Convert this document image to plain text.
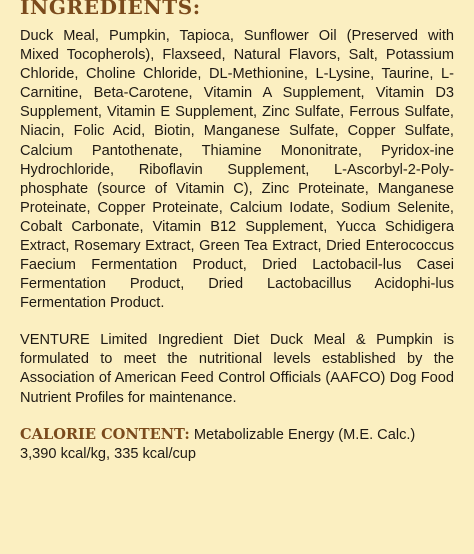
INGREDIENTS:

Duck Meal, Pumpkin, Tapioca, Sunflower Oil (Preserved with Mixed Tocopherols), Flaxseed, Natural Flavors, Salt, Potassium Chloride, Choline Chloride, DL-Methionine, L-Lysine, Taurine, L-Carnitine, Beta-Carotene, Vitamin A Supplement, Vitamin D3 Supplement, Vitamin E Supplement, Zinc Sulfate, Ferrous Sulfate, Niacin, Folic Acid, Biotin, Manganese Sulfate, Copper Sulfate, Calcium Pantothenate, Thiamine Mononitrate, Pyridox-ine Hydrochloride, Riboflavin Supplement, L-Ascorbyl-2-Poly-phosphate (source of Vitamin C), Zinc Proteinate, Manganese Proteinate, Copper Proteinate, Calcium Iodate, Sodium Selenite, Cobalt Carbonate, Vitamin B12 Supplement, Yucca Schidigera Extract, Rosemary Extract, Green Tea Extract, Dried Enterococcus Faecium Fermentation Product, Dried Lactobacil-lus Casei Fermentation Product, Dried Lactobacillus Acidophi-lus Fermentation Product.

VENTURE Limited Ingredient Diet Duck Meal & Pumpkin is formulated to meet the nutritional levels established by the Association of American Feed Control Officials (AAFCO) Dog Food Nutrient Profiles for maintenance.

CALORIE CONTENT: Metabolizable Energy (M.E. Calc.)
3,390 kcal/kg, 335 kcal/cup
